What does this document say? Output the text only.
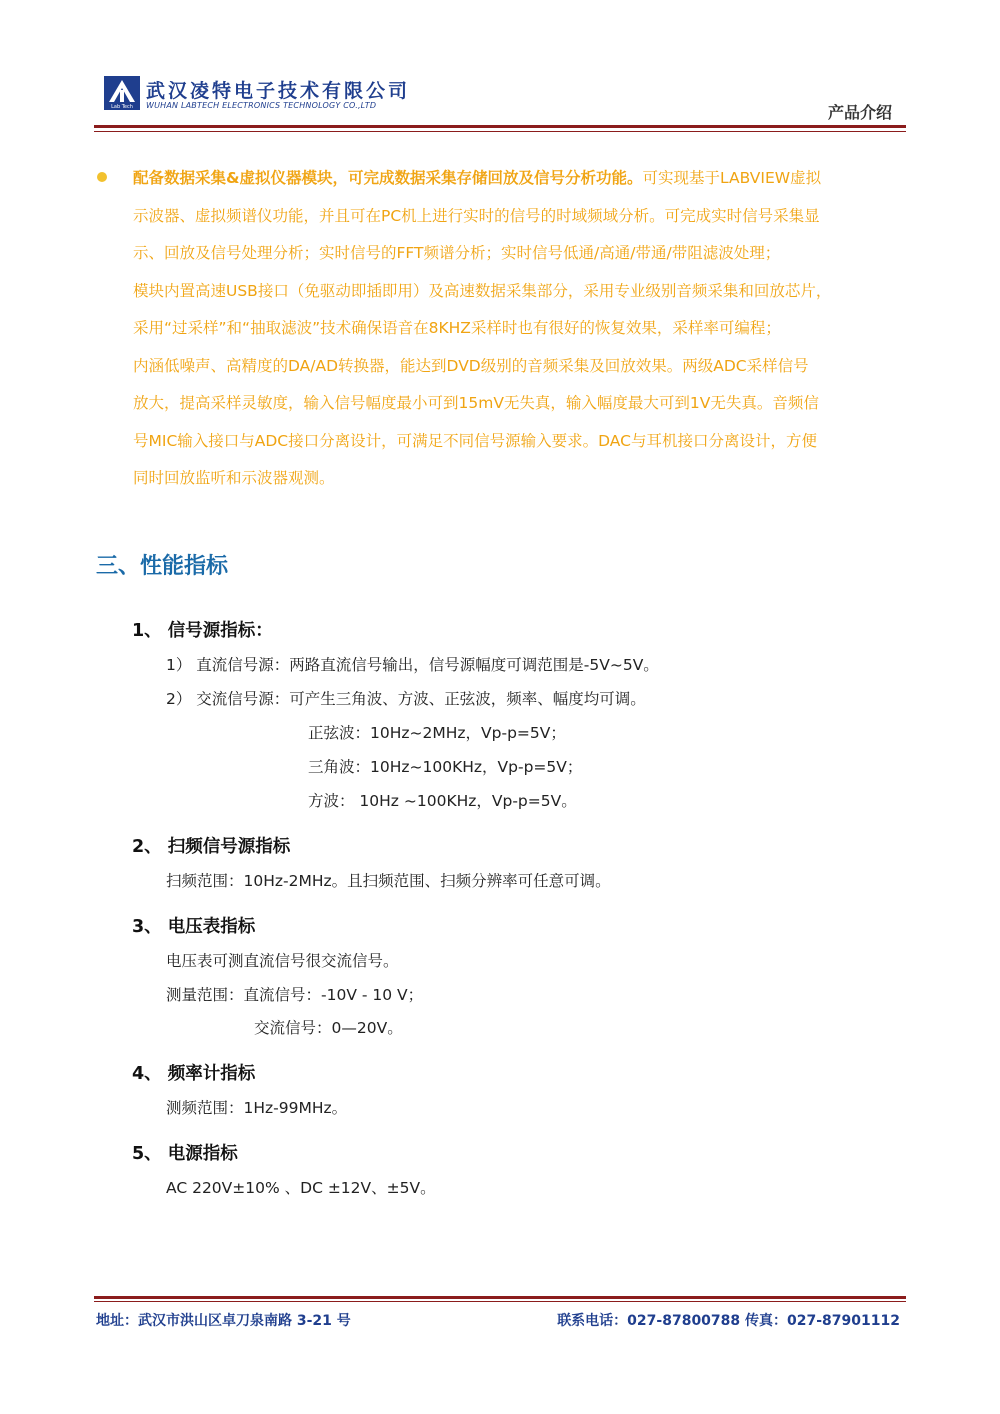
Lab Tech
武汉凌特电子技术有限公司
WUHAN LABTECH ELECTRONICS TECHNOLOGY CO.,LTD	产品介绍
配备数据采集&虚拟仪器模块，可完成数据采集存储回放及信号分析功能。可实现基于LABVIEW虚拟
示波器、虚拟频谱仪功能，并且可在PC机上进行实时的信号的时域频域分析。可完成实时信号采集显
示、回放及信号处理分析；实时信号的FFT频谱分析；实时信号低通/高通/带通/带阻滤波处理；
模块内置高速USB接口（免驱动即插即用）及高速数据采集部分，采用专业级别音频采集和回放芯片，
采用“过采样”和“抽取滤波”技术确保语音在8KHZ采样时也有很好的恢复效果，采样率可编程；
内涵低噪声、高精度的DA/AD转换器，能达到DVD级别的音频采集及回放效果。两级ADC采样信号
放大，提高采样灵敏度，输入信号幅度最小可到15mV无失真，输入幅度最大可到1V无失真。音频信
号MIC输入接口与ADC接口分离设计，可满足不同信号源输入要求。DAC与耳机接口分离设计，方便
同时回放监听和示波器观测。
三、性能指标
1、 信号源指标：
1） 直流信号源：两路直流信号输出，信号源幅度可调范围是-5V~5V。
2） 交流信号源：可产生三角波、方波、正弦波，频率、幅度均可调。
正弦波：10Hz~2MHz，Vp-p=5V；
三角波：10Hz~100KHz，Vp-p=5V；
方波： 10Hz ~100KHz，Vp-p=5V。
2、 扫频信号源指标
扫频范围：10Hz-2MHz。且扫频范围、扫频分辨率可任意可调。
3、 电压表指标
电压表可测直流信号很交流信号。
测量范围：直流信号：-10V - 10 V；
交流信号：0—20V。
4、 频率计指标
测频范围：1Hz-99MHz。
5、 电源指标
AC 220V±10% 、DC ±12V、±5V。
地址：武汉市洪山区卓刀泉南路 3-21 号	联系电话：027-87800788 传真：027-87901112
